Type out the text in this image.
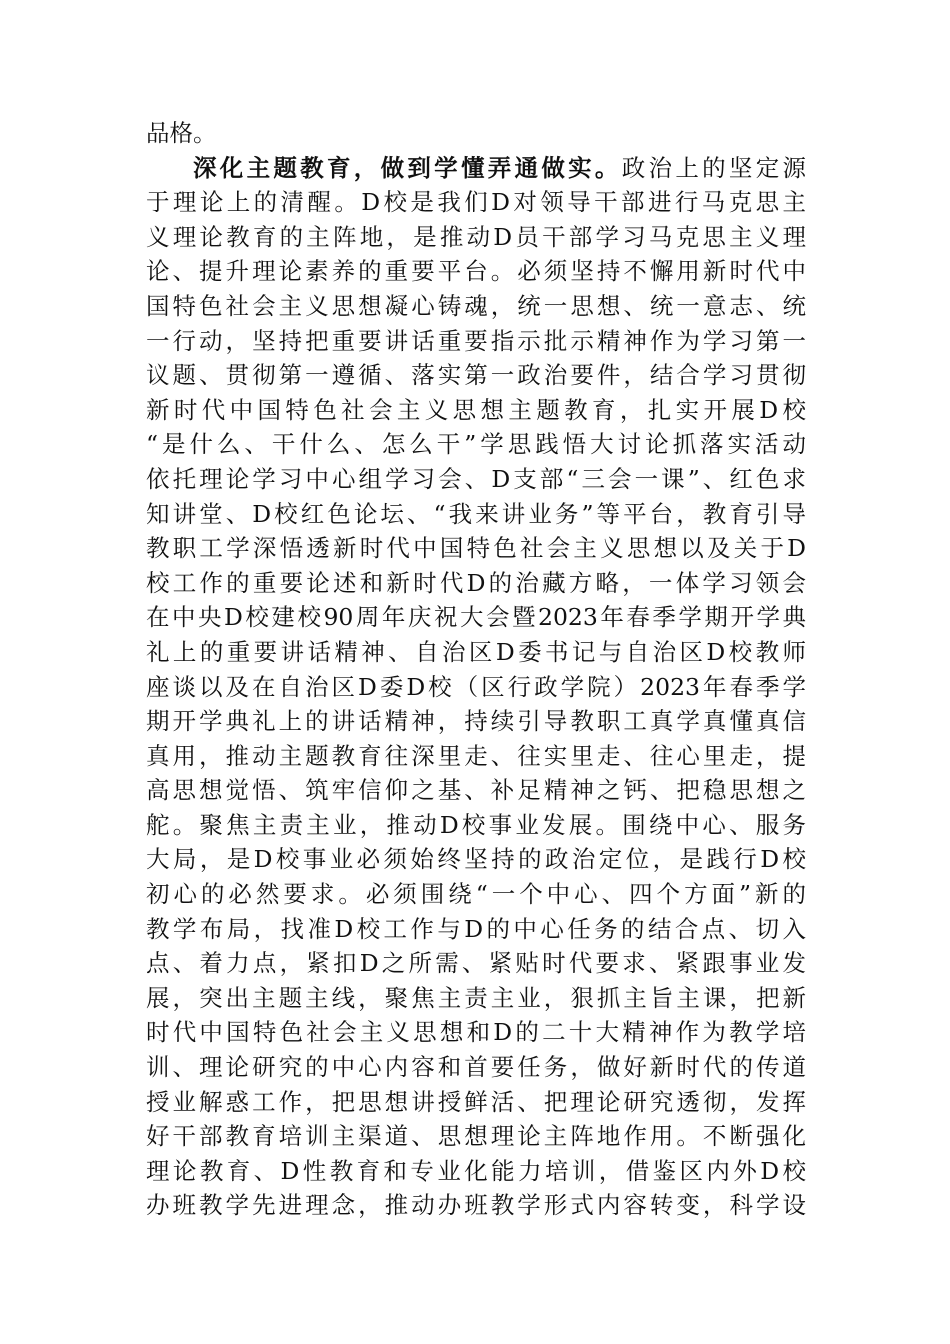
品格。
深化主题教育，做到学懂弄通做实。政治上的坚定源
于理论上的清醒。D校是我们D对领导干部进行马克思主
义理论教育的主阵地，是推动D员干部学习马克思主义理
论、提升理论素养的重要平台。必须坚持不懈用新时代中
国特色社会主义思想凝心铸魂，统一思想、统一意志、统
一行动，坚持把重要讲话重要指示批示精神作为学习第一
议题、贯彻第一遵循、落实第一政治要件，结合学习贯彻
新时代中国特色社会主义思想主题教育，扎实开展D校
“是什么、干什么、怎么干”学思践悟大讨论抓落实活动
依托理论学习中心组学习会、D支部“三会一课”、红色求
知讲堂、D校红色论坛、“我来讲业务”等平台，教育引导
教职工学深悟透新时代中国特色社会主义思想以及关于D
校工作的重要论述和新时代D的治藏方略，一体学习领会
在中央D校建校90周年庆祝大会暨2023年春季学期开学典
礼上的重要讲话精神、自治区D委书记与自治区D校教师
座谈以及在自治区D委D校（区行政学院）2023年春季学
期开学典礼上的讲话精神，持续引导教职工真学真懂真信
真用，推动主题教育往深里走、往实里走、往心里走，提
高思想觉悟、筑牢信仰之基、补足精神之钙、把稳思想之
舵。聚焦主责主业，推动D校事业发展。围绕中心、服务
大局，是D校事业必须始终坚持的政治定位，是践行D校
初心的必然要求。必须围绕“一个中心、四个方面”新的
教学布局，找准D校工作与D的中心任务的结合点、切入
点、着力点，紧扣D之所需、紧贴时代要求、紧跟事业发
展，突出主题主线，聚焦主责主业，狠抓主旨主课，把新
时代中国特色社会主义思想和D的二十大精神作为教学培
训、理论研究的中心内容和首要任务，做好新时代的传道
授业解惑工作，把思想讲授鲜活、把理论研究透彻，发挥
好干部教育培训主渠道、思想理论主阵地作用。不断强化
理论教育、D性教育和专业化能力培训，借鉴区内外D校
办班教学先进理念，推动办班教学形式内容转变，科学设
